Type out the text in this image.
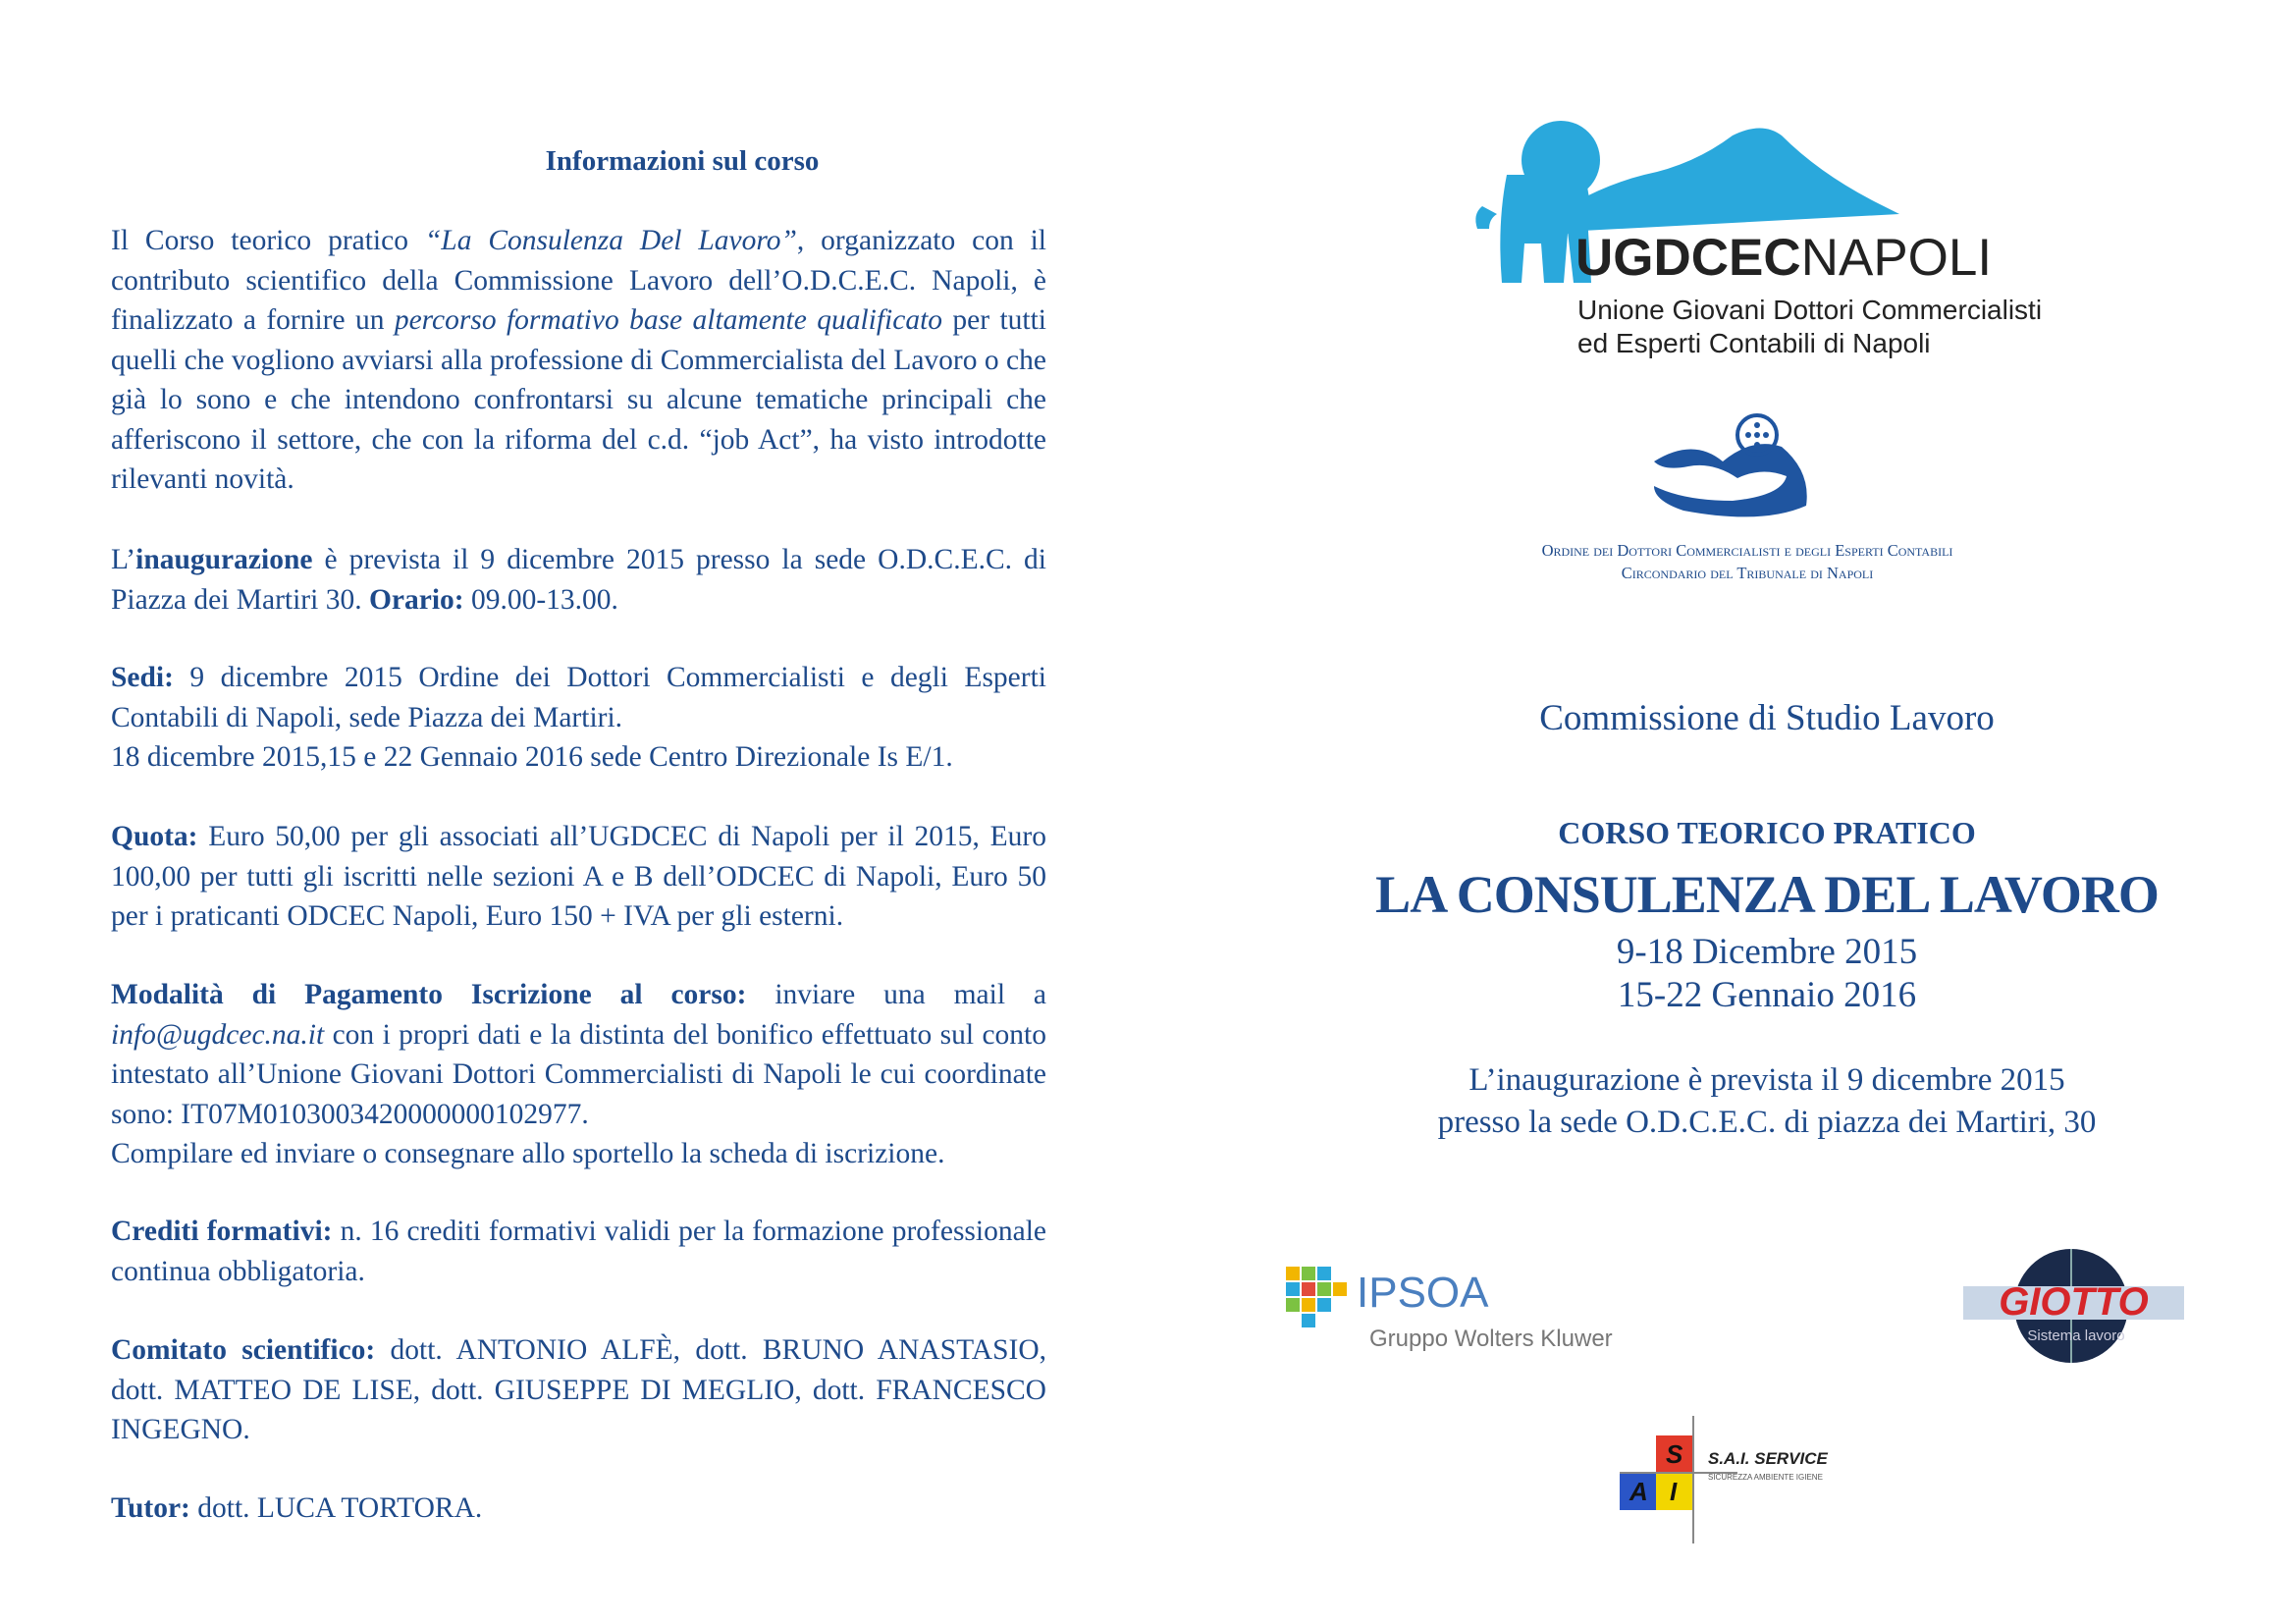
Informazioni sul corso

Il Corso teorico pratico “La Consulenza Del Lavoro”, organizzato con il contributo scientifico della Commissione Lavoro dell’O.D.C.E.C. Napoli, è finalizzato a fornire un percorso formativo base altamente qualificato per tutti quelli che vogliono avviarsi alla professione di Commercialista del Lavoro o che già lo sono e che intendono confrontarsi su alcune tematiche principali che afferiscono il settore, che con la riforma del c.d. “job Act”, ha visto introdotte rilevanti novità.

L’inaugurazione è prevista il 9 dicembre 2015 presso la sede O.D.C.E.C. di Piazza dei Martiri 30. Orario: 09.00-13.00.

Sedi: 9 dicembre 2015 Ordine dei Dottori Commercialisti e degli Esperti Contabili di Napoli, sede Piazza dei Martiri.

18 dicembre 2015,15 e 22 Gennaio 2016 sede Centro Direzionale Is E/1.

Quota: Euro 50,00 per gli associati all’UGDCEC di Napoli per il 2015, Euro 100,00 per tutti gli iscritti nelle sezioni A e B dell’ODCEC di Napoli, Euro 50 per i praticanti ODCEC Napoli, Euro 150 + IVA per gli esterni.

Modalità di Pagamento Iscrizione al corso: inviare una mail a info@ugdcec.na.it con i propri dati e la distinta del bonifico effettuato sul conto intestato all’Unione Giovani Dottori Commercialisti di Napoli le cui coordinate sono: IT07M0103003420000000102977.

Compilare ed inviare o consegnare allo sportello la scheda di iscrizione.

Crediti formativi: n. 16 crediti formativi validi per la formazione professionale continua obbligatoria.

Comitato scientifico: dott. ANTONIO ALFÈ, dott. BRUNO ANASTASIO, dott. MATTEO DE LISE, dott. GIUSEPPE DI MEGLIO, dott. FRANCESCO INGEGNO.

Tutor: dott. LUCA TORTORA.

UGDCECNAPOLI
Unione Giovani Dottori Commercialisti
ed Esperti Contabili di Napoli
Ordine dei Dottori Commercialisti e degli Esperti Contabili
Circondario del Tribunale di Napoli
Commissione di Studio Lavoro
CORSO TEORICO PRATICO
LA CONSULENZA DEL LAVORO
9-18 Dicembre 2015
15-22 Gennaio 2016
L’inaugurazione è prevista il 9 dicembre 2015
presso la sede O.D.C.E.C. di piazza dei Martiri, 30
IPSOA
Gruppo Wolters Kluwer
GIOTTO
Sistema lavoro
S
A I
S.A.I. SERVICE
SICUREZZA AMBIENTE IGIENE
